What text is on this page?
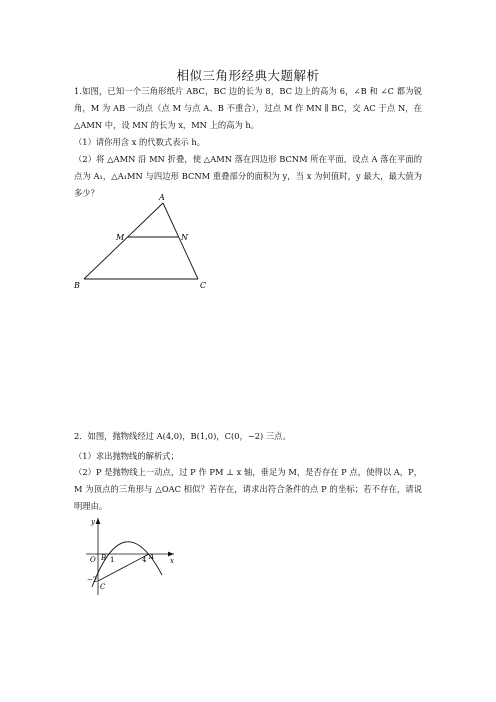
相似三角形经典大题解析
1.如图，已知一个三角形纸片 ABC，BC 边的长为 8，BC 边上的高为 6，∠B 和 ∠C 都为锐角，M 为 AB 一动点（点 M 与点 A、B 不重合），过点 M 作 MN ∥ BC，交 AC 于点 N，在 △AMN 中，设 MN 的长为 x，MN 上的高为 h。
（1）请你用含 x 的代数式表示 h。
（2）将 △AMN 沿 MN 折叠，使 △AMN 落在四边形 BCNM 所在平面，设点 A 落在平面的点为 A₁，△A₁MN 与四边形 BCNM 重叠部分的面积为 y，当 x 为何值时，y 最大，最大值为多少？	A
M	N
B	C
2．如图，抛物线经过 A(4,0)，B(1,0)，C(0，−2) 三点。
（1）求出抛物线的解析式；
（2）P 是抛物线上一动点，过 P 作 PM ⊥ x 轴，垂足为 M，是否存在 P 点，使得以 A，P，M 为顶点的三角形与 △OAC 相似？若存在，请求出符合条件的点 P 的坐标；若不存在，请说明理由。
y
x
O B 1	4 A
−2
C
